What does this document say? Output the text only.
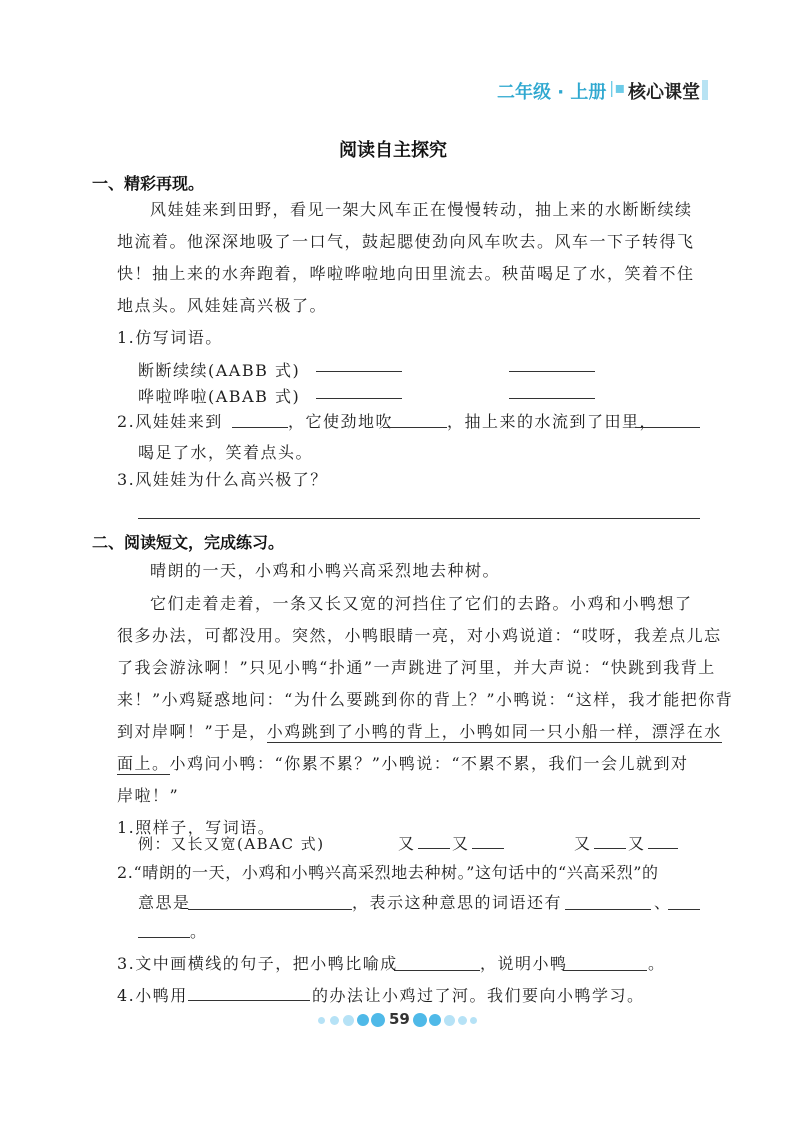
二年级 · 上册 |▪ 核心课堂
阅读自主探究
一、精彩再现。
风娃娃来到田野，看见一架大风车正在慢慢转动，抽上来的水断断续续
地流着。他深深地吸了一口气，鼓起腮使劲向风车吹去。风车一下子转得飞
快！抽上来的水奔跑着，哗啦哗啦地向田里流去。秧苗喝足了水，笑着不住
地点头。风娃娃高兴极了。
1.仿写词语。
断断续续(AABB 式)
哗啦哗啦(ABAB 式)
2.风娃娃来到	，它使劲地吹	，抽上来的水流到了田里，
喝足了水，笑着点头。
3.风娃娃为什么高兴极了？
二、阅读短文，完成练习。
晴朗的一天，小鸡和小鸭兴高采烈地去种树。
它们走着走着，一条又长又宽的河挡住了它们的去路。小鸡和小鸭想了
很多办法，可都没用。突然，小鸭眼睛一亮，对小鸡说道：“哎呀，我差点儿忘
了我会游泳啊！”只见小鸭“扑通”一声跳进了河里，并大声说：“快跳到我背上
来！”小鸡疑惑地问：“为什么要跳到你的背上？”小鸭说：“这样，我才能把你背
到对岸啊！”于是，小鸡跳到了小鸭的背上，小鸭如同一只小船一样，漂浮在水
面上。小鸡问小鸭：“你累不累？”小鸭说：“不累不累，我们一会儿就到对
岸啦！”
1.照样子，写词语。
例：又长又宽(ABAC 式)	又 又	又 又
2.“晴朗的一天，小鸡和小鸭兴高采烈地去种树。”这句话中的“兴高采烈”的
意思是	，表示这种意思的词语还有	、
。
3.文中画横线的句子，把小鸭比喻成	，说明小鸭	。
4.小鸭用	的办法让小鸡过了河。我们要向小鸭学习。
59
